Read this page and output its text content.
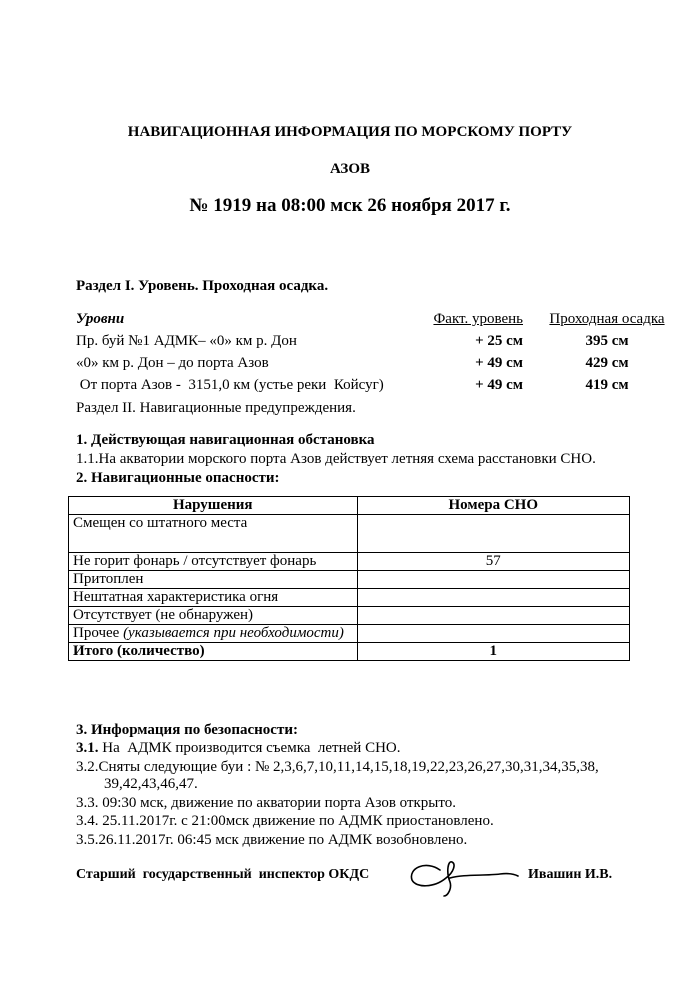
НАВИГАЦИОННАЯ ИНФОРМАЦИЯ ПО МОРСКОМУ ПОРТУ
АЗОВ
№ 1919 на 08:00 мск 26 ноября 2017 г.
Раздел I. Уровень. Проходная осадка.
Уровни	Факт. уровень	Проходная осадка
Пр. буй №1 АДМК– «0» км р. Дон	+ 25 см	395 см
«0» км р. Дон – до порта Азов	+ 49 см	429 см
От порта Азов -  3151,0 км (устье реки  Койсуг)	+ 49 см	419 см
Раздел II. Навигационные предупреждения.
1. Действующая навигационная обстановка
1.1.На акватории морского порта Азов действует летняя схема расстановки СНО.
2. Навигационные опасности:
Нарушения	Номера СНО
Смещен со штатного места	
Не горит фонарь / отсутствует фонарь	57
Притоплен	
Нештатная характеристика огня	
Отсутствует (не обнаружен)	
Прочее (указывается при необходимости)	
Итого (количество)	1
3. Информация по безопасности:
3.1. На  АДМК производится съемка  летней СНО.
3.2.Сняты следующие буи : № 2,3,6,7,10,11,14,15,18,19,22,23,26,27,30,31,34,35,38,
39,42,43,46,47.
3.3. 09:30 мск, движение по акватории порта Азов открыто.
3.4. 25.11.2017г. с 21:00мск движение по АДМК приостановлено.
3.5.26.11.2017г. 06:45 мск движение по АДМК возобновлено.
Старший  государственный  инспектор ОКДС	Ивашин И.В.
